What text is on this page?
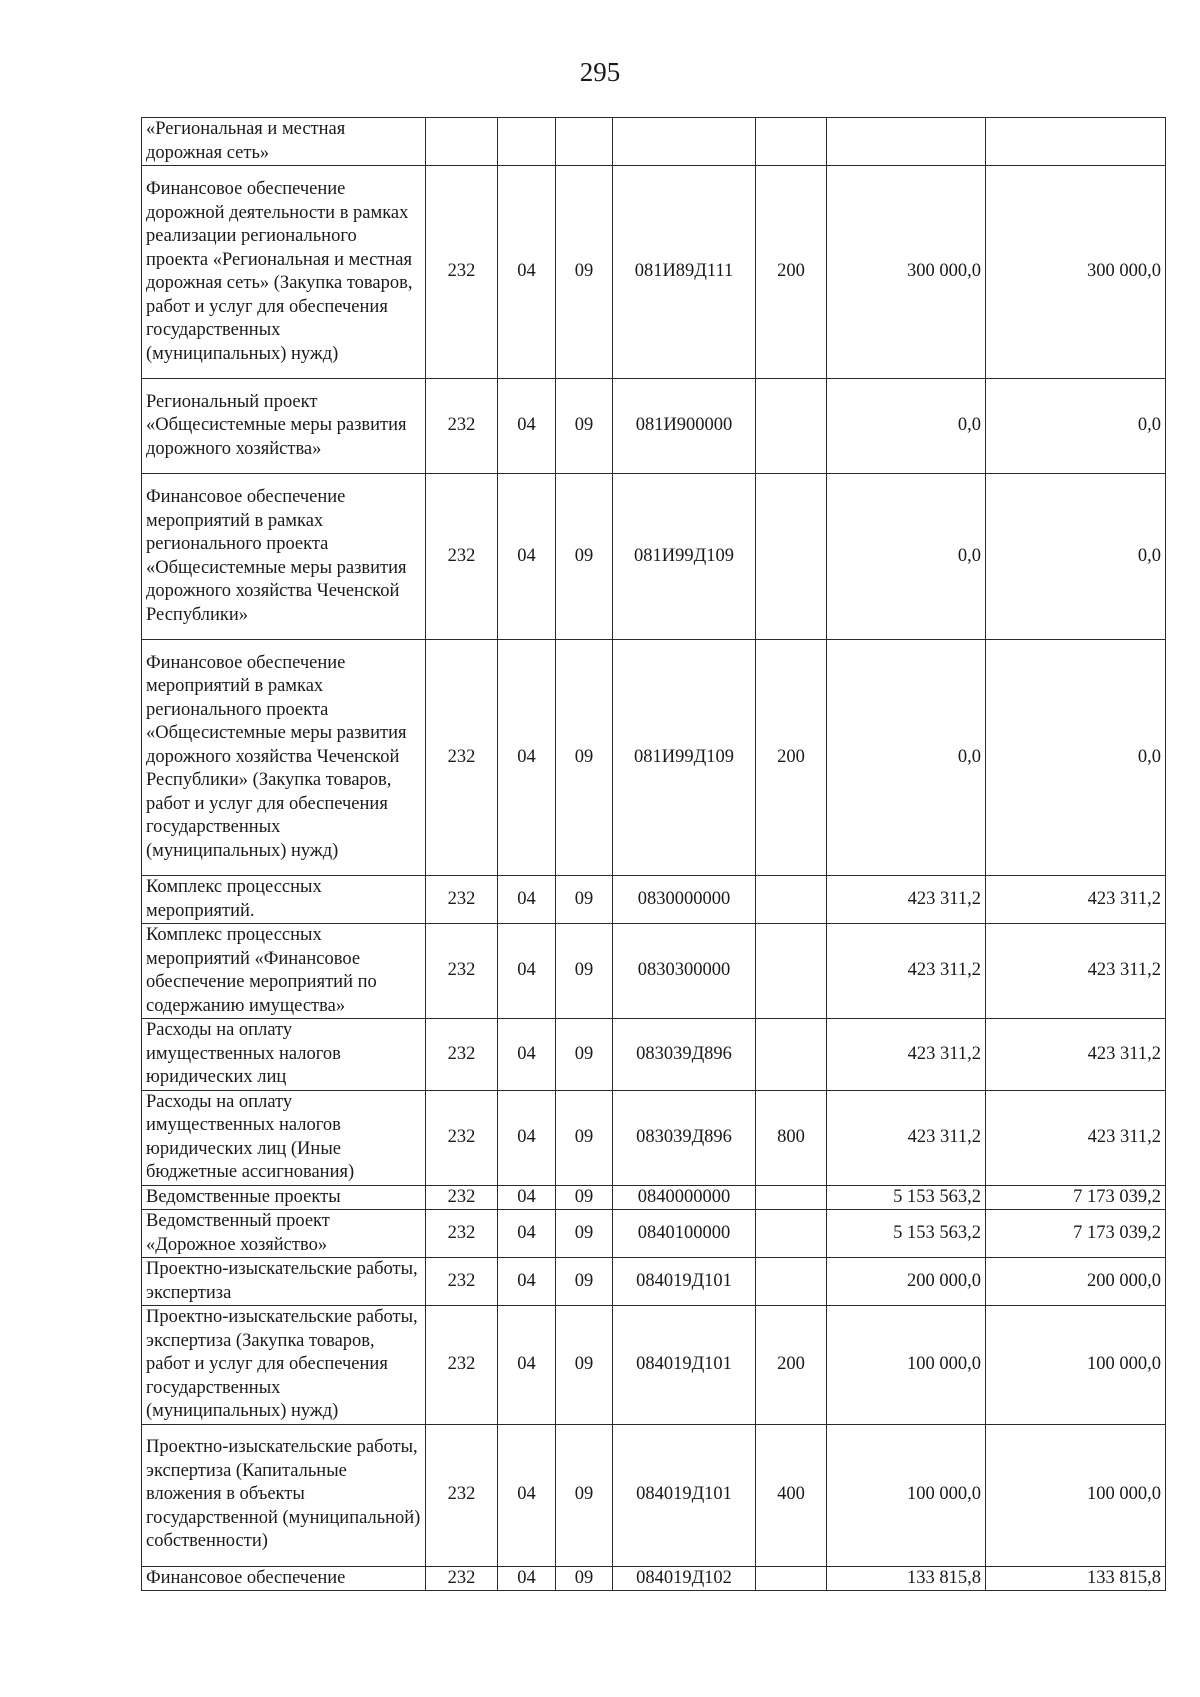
295
«Региональная и местная дорожная сеть»							
Финансовое обеспечение дорожной деятельности в рамках реализации регионального проекта «Региональная и местная дорожная сеть» (Закупка товаров, работ и услуг для обеспечения государственных (муниципальных) нужд)	232	04	09	081И89Д111	200	300 000,0	300 000,0
Региональный проект «Общесистемные меры развития дорожного хозяйства»	232	04	09	081И900000		0,0	0,0
Финансовое обеспечение мероприятий в рамках регионального проекта «Общесистемные меры развития дорожного хозяйства Чеченской Республики»	232	04	09	081И99Д109		0,0	0,0
Финансовое обеспечение мероприятий в рамках регионального проекта «Общесистемные меры развития дорожного хозяйства Чеченской Республики» (Закупка товаров, работ и услуг для обеспечения государственных (муниципальных) нужд)	232	04	09	081И99Д109	200	0,0	0,0
Комплекс процессных мероприятий.	232	04	09	0830000000		423 311,2	423 311,2
Комплекс процессных мероприятий «Финансовое обеспечение мероприятий по содержанию имущества»	232	04	09	0830300000		423 311,2	423 311,2
Расходы на оплату имущественных налогов юридических лиц	232	04	09	083039Д896		423 311,2	423 311,2
Расходы на оплату имущественных налогов юридических лиц (Иные бюджетные ассигнования)	232	04	09	083039Д896	800	423 311,2	423 311,2
Ведомственные проекты	232	04	09	0840000000		5 153 563,2	7 173 039,2
Ведомственный проект «Дорожное хозяйство»	232	04	09	0840100000		5 153 563,2	7 173 039,2
Проектно-изыскательские работы, экспертиза	232	04	09	084019Д101		200 000,0	200 000,0
Проектно-изыскательские работы, экспертиза (Закупка товаров, работ и услуг для обеспечения государственных (муниципальных) нужд)	232	04	09	084019Д101	200	100 000,0	100 000,0
Проектно-изыскательские работы, экспертиза (Капитальные вложения в объекты государственной (муниципальной) собственности)	232	04	09	084019Д101	400	100 000,0	100 000,0
Финансовое обеспечение	232	04	09	084019Д102		133 815,8	133 815,8
